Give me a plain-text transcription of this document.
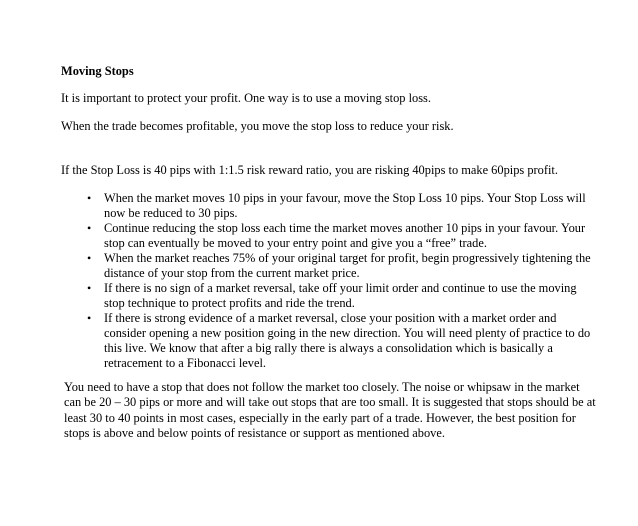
Moving Stops

It is important to protect your profit. One way is to use a moving stop loss.

When the trade becomes profitable, you move the stop loss to reduce your risk.

If the Stop Loss is 40 pips with 1:1.5 risk reward ratio, you are risking 40pips to make 60pips profit.

• When the market moves 10 pips in your favour, move the Stop Loss 10 pips. Your Stop Loss will now be reduced to 30 pips.
• Continue reducing the stop loss each time the market moves another 10 pips in your favour. Your stop can eventually be moved to your entry point and give you a “free” trade.
• When the market reaches 75% of your original target for profit, begin progressively tightening the distance of your stop from the current market price.
• If there is no sign of a market reversal, take off your limit order and continue to use the moving stop technique to protect profits and ride the trend.
• If there is strong evidence of a market reversal, close your position with a market order and consider opening a new position going in the new direction. You will need plenty of practice to do this live. We know that after a big rally there is always a consolidation which is basically a retracement to a Fibonacci level.

You need to have a stop that does not follow the market too closely. The noise or whipsaw in the market can be 20 – 30 pips or more and will take out stops that are too small. It is suggested that stops should be at least 30 to 40 points in most cases, especially in the early part of a trade. However, the best position for stops is above and below points of resistance or support as mentioned above.
